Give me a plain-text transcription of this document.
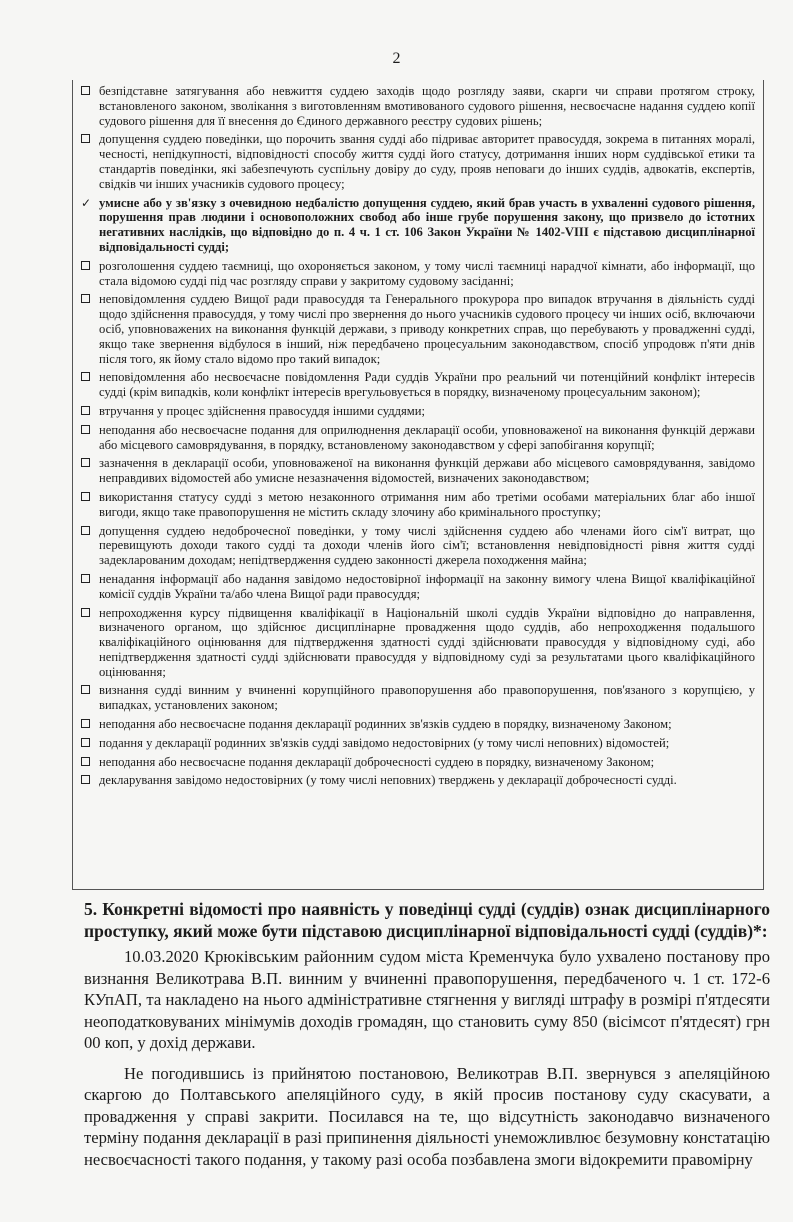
2
безпідставне затягування або невжиття суддею заходів щодо розгляду заяви, скарги чи справи протягом строку, встановленого законом, зволікання з виготовленням вмотивованого судового рішення, несвоєчасне надання суддею копії судового рішення для її внесення до Єдиного державного реєстру судових рішень;
допущення суддею поведінки, що порочить звання судді або підриває авторитет правосуддя, зокрема в питаннях моралі, чесності, непідкупності, відповідності способу життя судді його статусу, дотримання інших норм суддівської етики та стандартів поведінки, які забезпечують суспільну довіру до суду, прояв неповаги до інших суддів, адвокатів, експертів, свідків чи інших учасників судового процесу;
✓ умисне або у зв'язку з очевидною недбалістю допущення суддею, який брав участь в ухваленні судового рішення, порушення прав людини і основоположних свобод або інше грубе порушення закону, що призвело до істотних негативних наслідків, що відповідно до п. 4 ч. 1 ст. 106 Закон України № 1402-VIII є підставою дисциплінарної відповідальності судді;
розголошення суддею таємниці, що охороняється законом, у тому числі таємниці нарадчої кімнати, або інформації, що стала відомою судді під час розгляду справи у закритому судовому засіданні;
неповідомлення суддею Вищої ради правосуддя та Генерального прокурора про випадок втручання в діяльність судді щодо здійснення правосуддя, у тому числі про звернення до нього учасників судового процесу чи інших осіб, включаючи осіб, уповноважених на виконання функцій держави, з приводу конкретних справ, що перебувають у провадженні судді, якщо таке звернення відбулося в інший, ніж передбачено процесуальним законодавством, спосіб упродовж п'яти днів після того, як йому стало відомо про такий випадок;
неповідомлення або несвоєчасне повідомлення Ради суддів України про реальний чи потенційний конфлікт інтересів судді (крім випадків, коли конфлікт інтересів врегульовується в порядку, визначеному процесуальним законом);
втручання у процес здійснення правосуддя іншими суддями;
неподання або несвоєчасне подання для оприлюднення декларації особи, уповноваженої на виконання функцій держави або місцевого самоврядування, в порядку, встановленому законодавством у сфері запобігання корупції;
зазначення в декларації особи, уповноваженої на виконання функцій держави або місцевого самоврядування, завідомо неправдивих відомостей або умисне незазначення відомостей, визначених законодавством;
використання статусу судді з метою незаконного отримання ним або третіми особами матеріальних благ або іншої вигоди, якщо таке правопорушення не містить складу злочину або кримінального проступку;
допущення суддею недоброчесної поведінки, у тому числі здійснення суддею або членами його сім'ї витрат, що перевищують доходи такого судді та доходи членів його сім'ї; встановлення невідповідності рівня життя судді задекларованим доходам; непідтвердження суддею законності джерела походження майна;
ненадання інформації або надання завідомо недостовірної інформації на законну вимогу члена Вищої кваліфікаційної комісії суддів України та/або члена Вищої ради правосуддя;
непроходження курсу підвищення кваліфікації в Національній школі суддів України відповідно до направлення, визначеного органом, що здійснює дисциплінарне провадження щодо суддів, або непроходження подальшого кваліфікаційного оцінювання для підтвердження здатності судді здійснювати правосуддя у відповідному суді, або непідтвердження здатності судді здійснювати правосуддя у відповідному суді за результатами цього кваліфікаційного оцінювання;
визнання судді винним у вчиненні корупційного правопорушення або правопорушення, пов'язаного з корупцією, у випадках, установлених законом;
неподання або несвоєчасне подання декларації родинних зв'язків суддею в порядку, визначеному Законом;
подання у декларації родинних зв'язків судді завідомо недостовірних (у тому числі неповних) відомостей;
неподання або несвоєчасне подання декларації доброчесності суддею в порядку, визначеному Законом;
декларування завідомо недостовірних (у тому числі неповних) тверджень у декларації доброчесності судді.
5. Конкретні відомості про наявність у поведінці судді (суддів) ознак дисциплінарного проступку, який може бути підставою дисциплінарної відповідальності судді (суддів)*:

10.03.2020 Крюківським районним судом міста Кременчука було ухвалено постанову про визнання Великотрава В.П. винним у вчиненні правопорушення, передбаченого ч. 1 ст. 172-6 КУпАП, та накладено на нього адміністративне стягнення у вигляді штрафу в розмірі п'ятдесяти неоподатковуваних мінімумів доходів громадян, що становить суму 850 (вісімсот п'ятдесят) грн 00 коп, у дохід держави.

Не погодившись із прийнятою постановою, Великотрав В.П. звернувся з апеляційною скаргою до Полтавського апеляційного суду, в якій просив постанову суду скасувати, а провадження у справі закрити. Посилався на те, що відсутність законодавчо визначеного терміну подання декларації в разі припинення діяльності унеможливлює безумовну констатацію несвоєчасності такого подання, у такому разі особа позбавлена змоги відокремити правомірну
